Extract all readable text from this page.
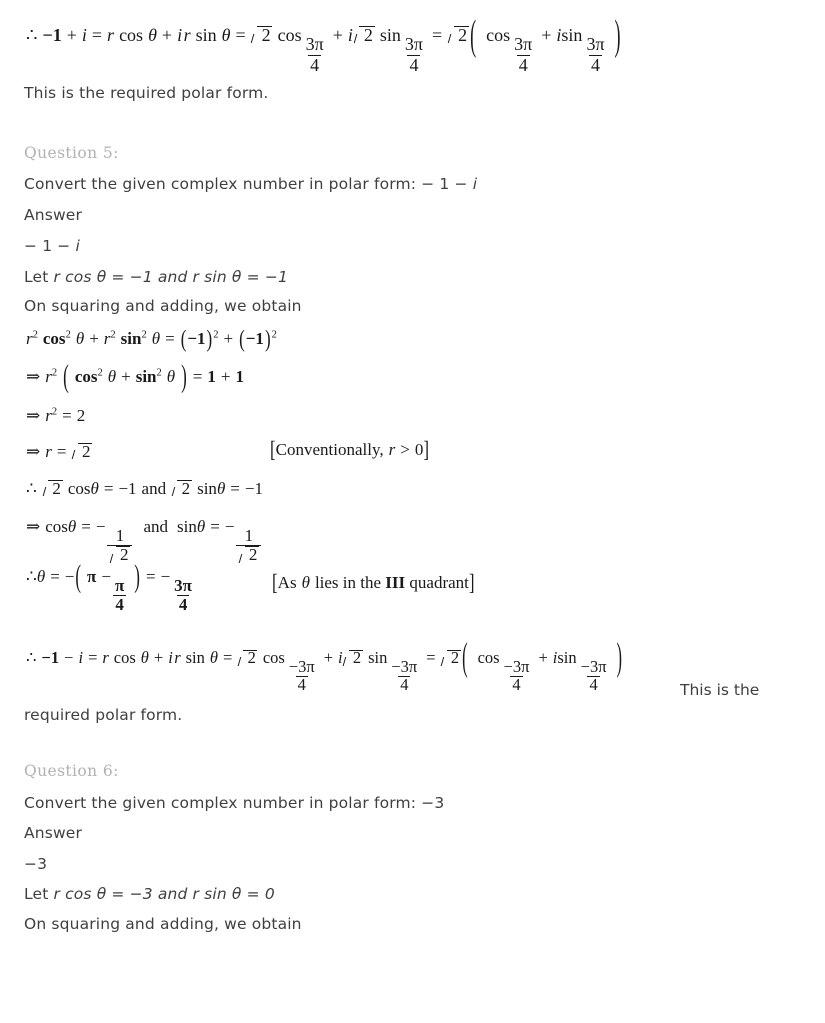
∴ −1 + i = r cos θ + i r sin θ = 2 cos
$\frac{3\pi}{4}$
+ i 2 sin
$\frac{3\pi}{4}$
= 2 ( cos
$\frac{3\pi}{4}$
+ isin
$\frac{3\pi}{4}$ )
This is the required polar form.
Question 5:
Convert the given complex number in polar form: − 1 − i
Answer
− 1 − i
Let r cos θ = −1 and r sin θ = −1
On squaring and adding, we obtain
$r^2$ $\cos^2 \theta + r^2$ $\sin^2 \theta = (-1)^2 + (-1)^2$
⇒ $r^2$ ( $\cos^2 \theta + \sin^2 \theta$ ) = 1 + 1
⇒ $r^2 = 2$
⇒ r = 2	[Conventionally, r > 0]
∴ 2 cosθ = −1 and 2 sinθ = −1
⇒ cosθ = −
$\frac{1}{2}$
and sinθ = −
$\frac{1}{2}$
∴θ = −( π −
$\frac{\pi}{4}$
) = −
$\frac{3\pi}{4}$	[As θ lies in the III quadrant]
∴ −1 − i = r cos θ + i r sin θ = 2 cos
$\frac{-3\pi}{4}$
+ i 2 sin
$\frac{-3\pi}{4}$
= 2 ( cos
$\frac{-3\pi}{4}$
+ isin
$\frac{-3\pi}{4}$ )
This is the
required polar form.
Question 6:
Convert the given complex number in polar form: −3
Answer
−3
Let r cos θ = −3 and r sin θ = 0
On squaring and adding, we obtain
